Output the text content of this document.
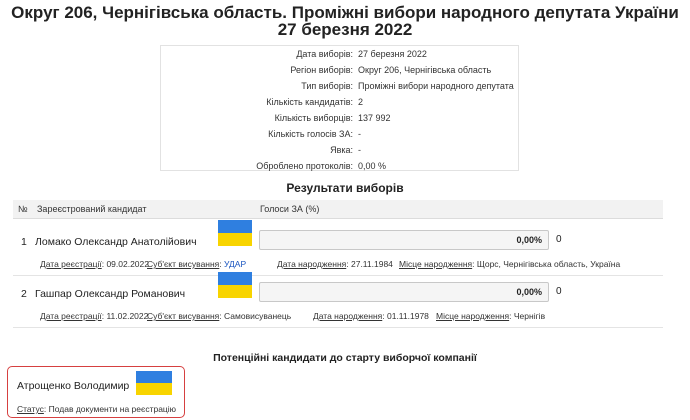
Округ 206, Чернігівська область. Проміжні вибори народного депутата України 27 березня 2022
Дата виборів: 27 березня 2022
Регіон виборів: Округ 206, Чернігівська область
Тип виборів: Проміжні вибори народного депутата
Кількість кандидатів: 2
Кількість виборців: 137 992
Кількість голосів ЗА: -
Явка: -
Оброблено протоколів: 0,00 %
Результати виборів
№ Зареєстрований кандидат	Голоси ЗА (%)
1 Ломако Олександр Анатолійович	0,00% 0
Дата реєстрації: 09.02.2022
Суб'єкт висування: УДАР	Дата народження: 27.11.1984 Місце народження: Щорс, Чернігівська область, Україна
2 Гашпар Олександр Романович	0,00% 0
Дата реєстрації: 11.02.2022
Суб'єкт висування: Самовисуванець	Дата народження: 01.11.1978 Місце народження: Чернігів
Потенційні кандидати до старту виборчої компанії
Атрощенко Володимир
Статус: Подав документи на реєстрацію
